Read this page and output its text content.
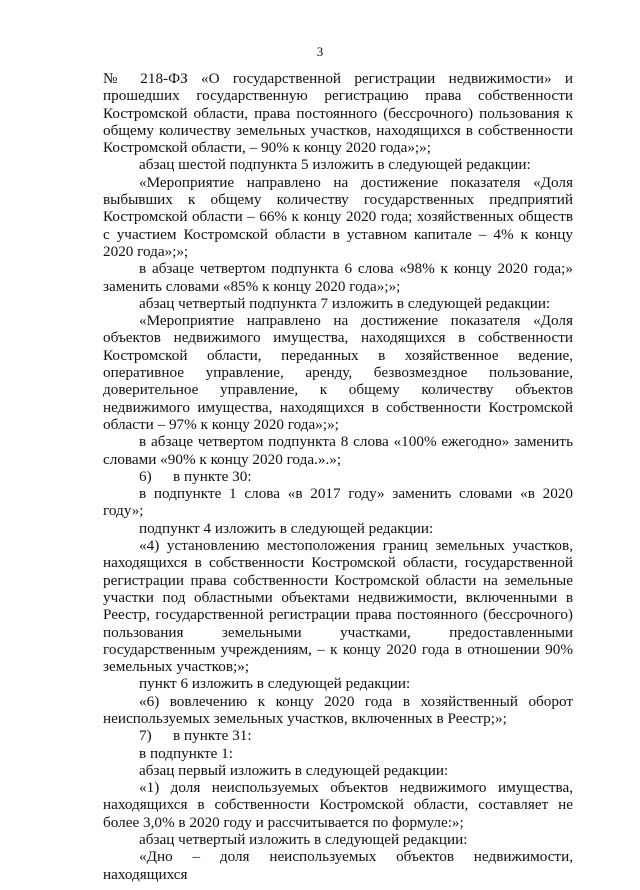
3

№ 218-ФЗ «О государственной регистрации недвижимости» и прошедших государственную регистрацию права собственности Костромской области, права постоянного (бессрочного) пользования к общему количеству земельных участков, находящихся в собственности Костромской области, – 90% к концу 2020 года»;»;

абзац шестой подпункта 5 изложить в следующей редакции:

«Мероприятие направлено на достижение показателя «Доля выбывших к общему количеству государственных предприятий Костромской области – 66% к концу 2020 года; хозяйственных обществ с участием Костромской области в уставном капитале – 4% к концу 2020 года»;»;

в абзаце четвертом подпункта 6 слова «98% к концу 2020 года;» заменить словами «85% к концу 2020 года»;»;

абзац четвертый подпункта 7 изложить в следующей редакции:

«Мероприятие направлено на достижение показателя «Доля объектов недвижимого имущества, находящихся в собственности Костромской области, переданных в хозяйственное ведение, оперативное управление, аренду, безвозмездное пользование, доверительное управление, к общему количеству объектов недвижимого имущества, находящихся в собственности Костромской области – 97% к концу 2020 года»;»;

в абзаце четвертом подпункта 8 слова «100% ежегодно» заменить словами «90% к концу 2020 года.».»;

6) в пункте 30:

в подпункте 1 слова «в 2017 году» заменить словами «в 2020 году»;

подпункт 4 изложить в следующей редакции:

«4) установлению местоположения границ земельных участков, находящихся в собственности Костромской области, государственной регистрации права собственности Костромской области на земельные участки под областными объектами недвижимости, включенными в Реестр, государственной регистрации права постоянного (бессрочного) пользования земельными участками, предоставленными государственным учреждениям, – к концу 2020 года в отношении 90% земельных участков;»;

пункт 6 изложить в следующей редакции:

«6) вовлечению к концу 2020 года в хозяйственный оборот неиспользуемых земельных участков, включенных в Реестр;»;

7) в пункте 31:

в подпункте 1:

абзац первый изложить в следующей редакции:

«1) доля неиспользуемых объектов недвижимого имущества, находящихся в собственности Костромской области, составляет не более 3,0% в 2020 году и рассчитывается по формуле:»;

абзац четвертый изложить в следующей редакции:

«Дно – доля неиспользуемых объектов недвижимости, находящихся
